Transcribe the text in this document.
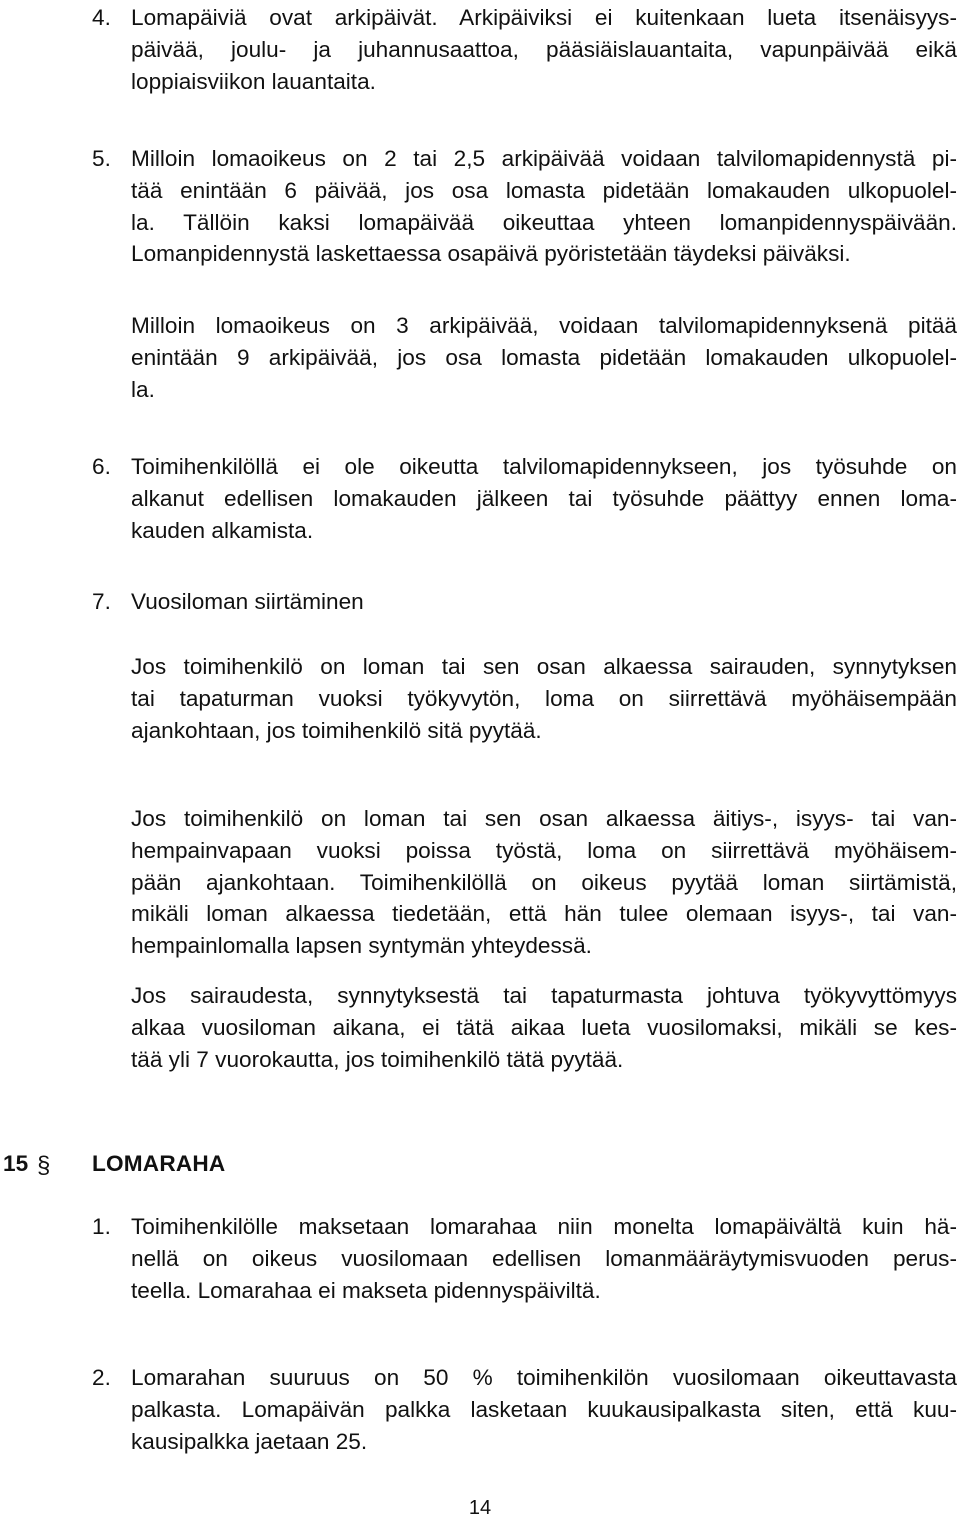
4. Lomapäiviä ovat arkipäivät. Arkipäiviksi ei kuitenkaan lueta itsenäisyys-
päivää, joulu- ja juhannusaattoa, pääsiäislauantaita, vapunpäivää eikä
loppiaisviikon lauantaita.
5. Milloin lomaoikeus on 2 tai 2,5 arkipäivää voidaan talvilomapidennystä pi-
tää enintään 6 päivää, jos osa lomasta pidetään lomakauden ulkopuolel-
la. Tällöin kaksi lomapäivää oikeuttaa yhteen lomanpidennyspäivään.
Lomanpidennystä laskettaessa osapäivä pyöristetään täydeksi päiväksi.
Milloin lomaoikeus on 3 arkipäivää, voidaan talvilomapidennyksenä pitää
enintään 9 arkipäivää, jos osa lomasta pidetään lomakauden ulkopuolel-
la.
6. Toimihenkilöllä ei ole oikeutta talvilomapidennykseen, jos työsuhde on
alkanut edellisen lomakauden jälkeen tai työsuhde päättyy ennen loma-
kauden alkamista.
7. Vuosiloman siirtäminen
Jos toimihenkilö on loman tai sen osan alkaessa sairauden, synnytyksen
tai tapaturman vuoksi työkyvytön, loma on siirrettävä myöhäisempään
ajankohtaan, jos toimihenkilö sitä pyytää.
Jos toimihenkilö on loman tai sen osan alkaessa äitiys-, isyys- tai van-
hempainvapaan vuoksi poissa työstä, loma on siirrettävä myöhäisem-
pään ajankohtaan. Toimihenkilöllä on oikeus pyytää loman siirtämistä,
mikäli loman alkaessa tiedetään, että hän tulee olemaan isyys-, tai van-
hempainlomalla lapsen syntymän yhteydessä.
Jos sairaudesta, synnytyksestä tai tapaturmasta johtuva työkyvyttömyys
alkaa vuosiloman aikana, ei tätä aikaa lueta vuosilomaksi, mikäli se kes-
tää yli 7 vuorokautta, jos toimihenkilö tätä pyytää.
15 § LOMARAHA
1. Toimihenkilölle maksetaan lomarahaa niin monelta lomapäivältä kuin hä-
nellä on oikeus vuosilomaan edellisen lomanmääräytymisvuoden perus-
teella. Lomarahaa ei makseta pidennyspäiviltä.
2. Lomarahan suuruus on 50 % toimihenkilön vuosilomaan oikeuttavasta
palkasta. Lomapäivän palkka lasketaan kuukausipalkasta siten, että kuu-
kausipalkka jaetaan 25.
14
